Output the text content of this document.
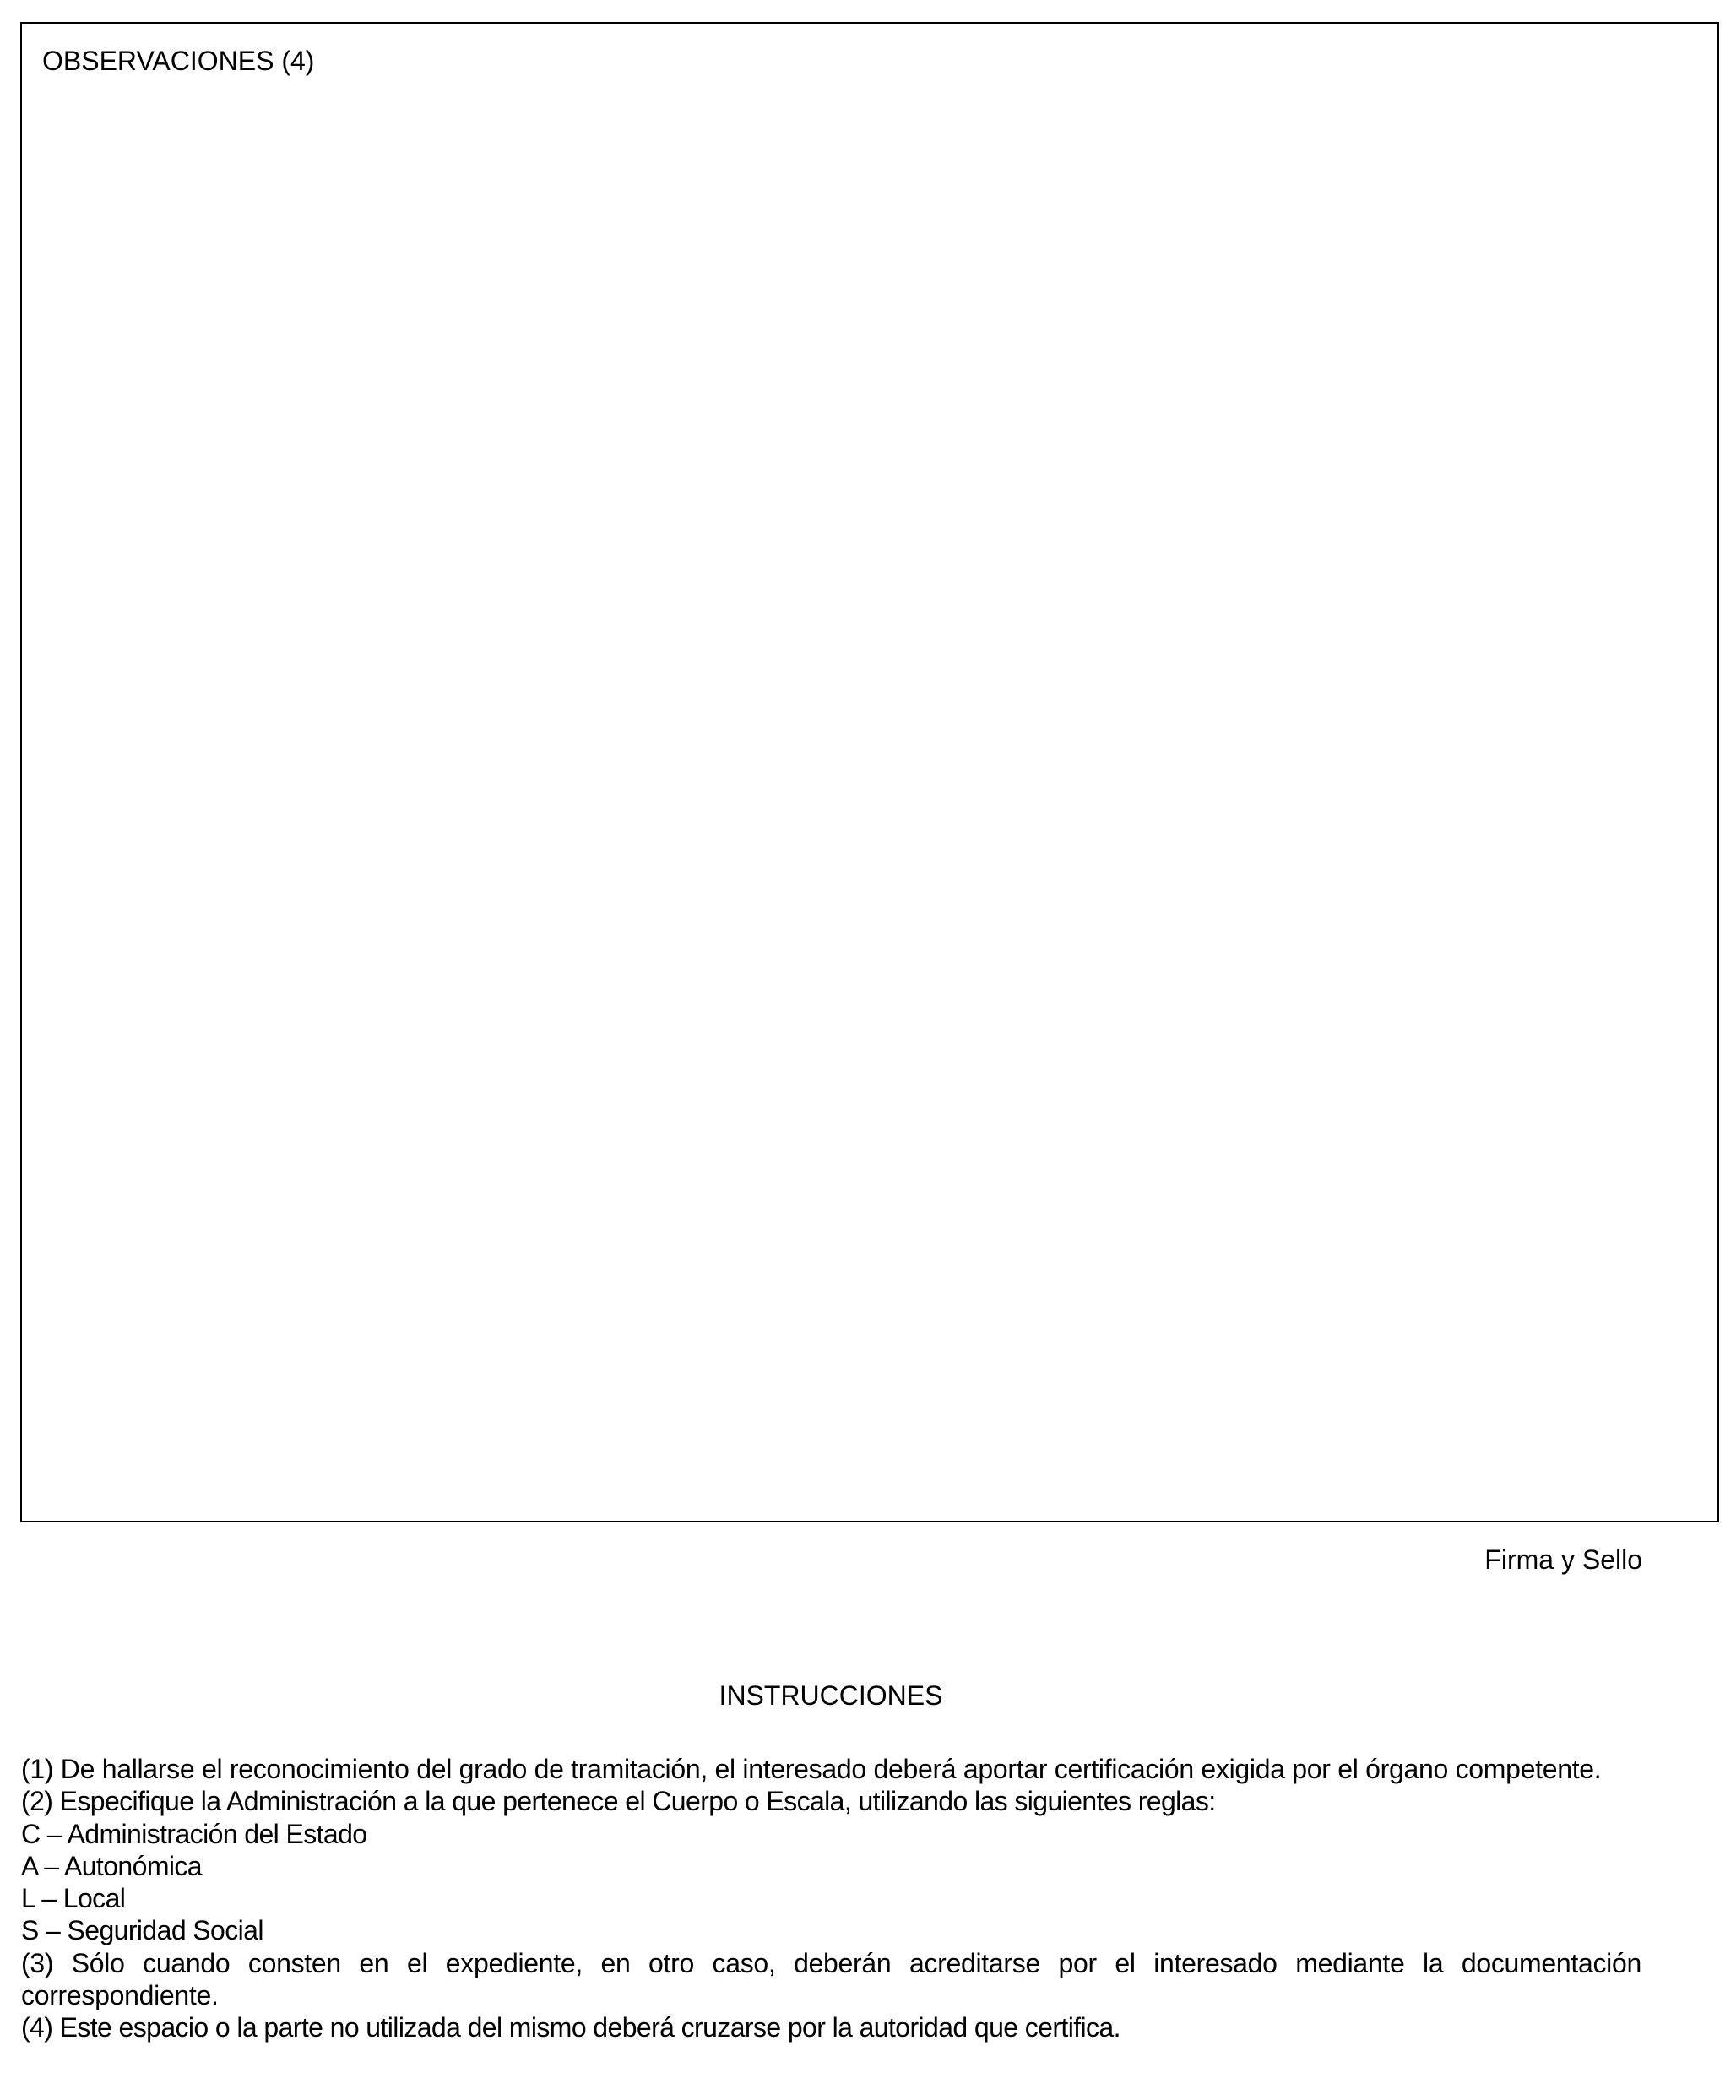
OBSERVACIONES (4)
Firma y Sello
INSTRUCCIONES

(1) De hallarse el reconocimiento del grado de tramitación, el interesado deberá aportar certificación exigida por el órgano competente.

(2) Especifique la Administración a la que pertenece el Cuerpo o Escala, utilizando las siguientes reglas:

C – Administración del Estado

A – Autonómica

L – Local

S – Seguridad Social

(3) Sólo cuando consten en el expediente, en otro caso, deberán acreditarse por el interesado mediante la documentación correspondiente.

(4) Este espacio o la parte no utilizada del mismo deberá cruzarse por la autoridad que certifica.
